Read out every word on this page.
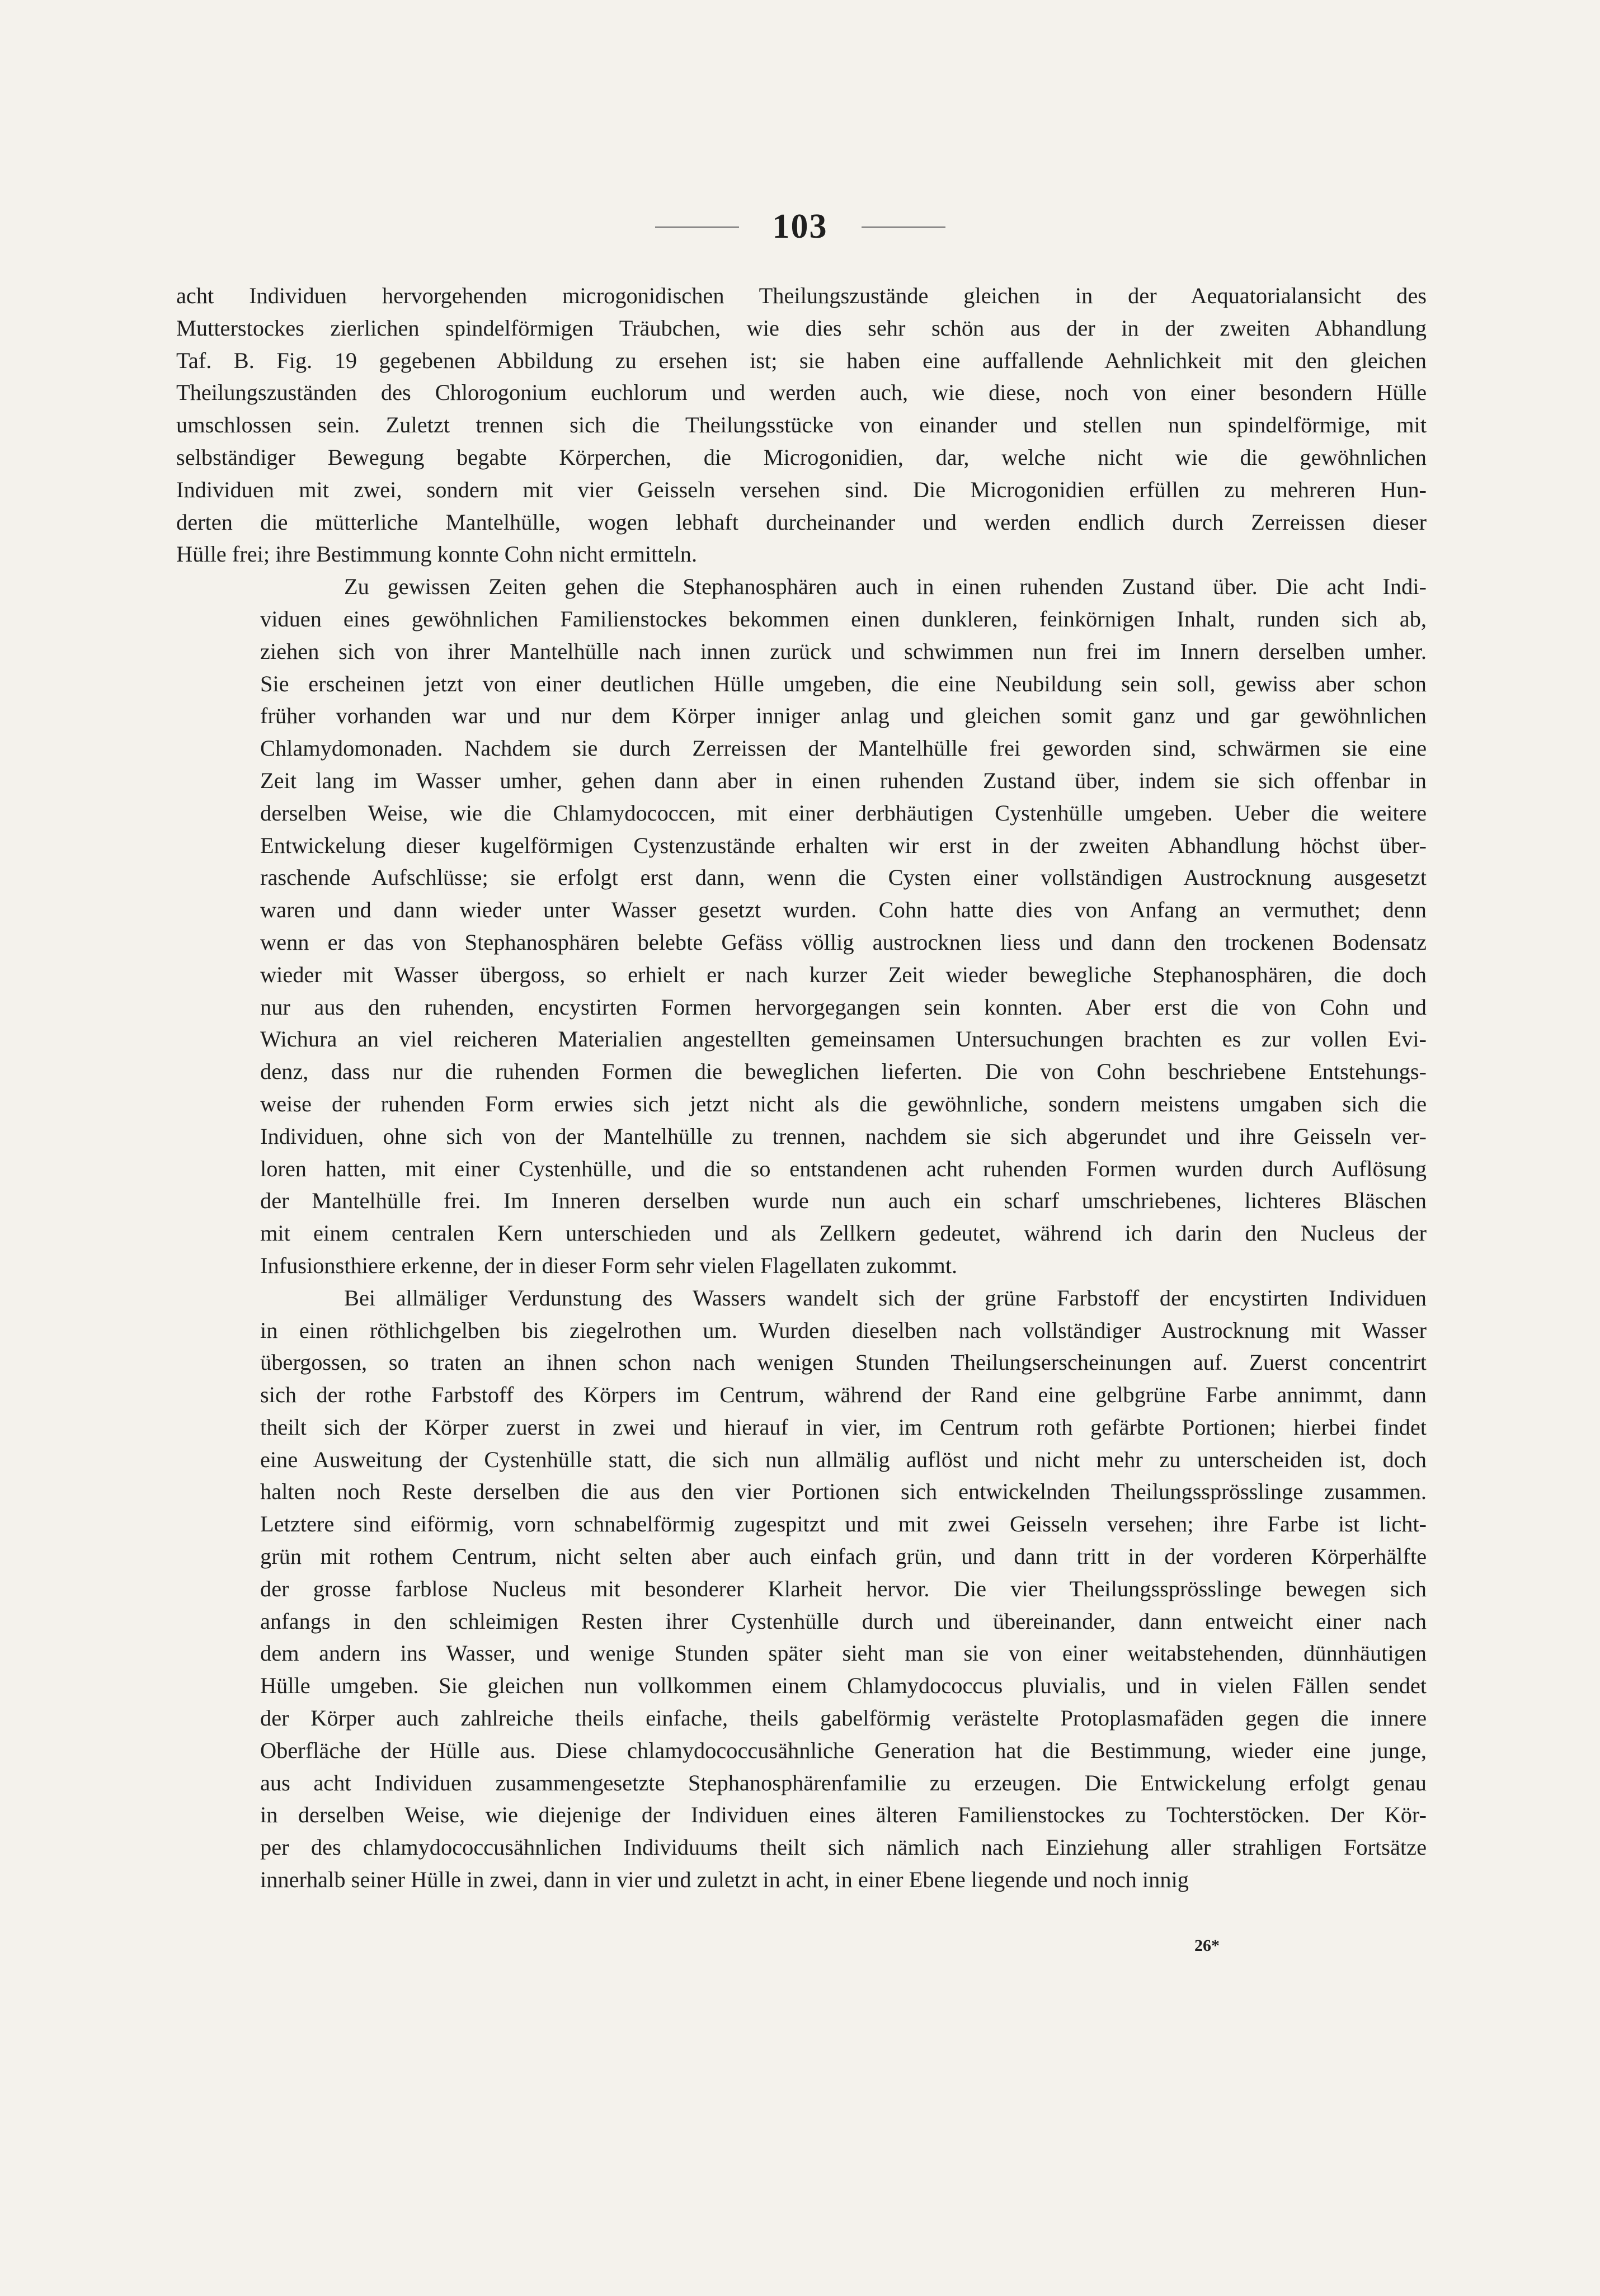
103

acht Individuen hervorgehenden microgonidischen Theilungszustände gleichen in der Aequatorialansicht des
Mutterstockes zierlichen spindelförmigen Träubchen, wie dies sehr schön aus der in der zweiten Abhandlung
Taf. B. Fig. 19 gegebenen Abbildung zu ersehen ist; sie haben eine auffallende Aehnlichkeit mit den gleichen
Theilungszuständen des Chlorogonium euchlorum und werden auch, wie diese, noch von einer besondern Hülle
umschlossen sein. Zuletzt trennen sich die Theilungsstücke von einander und stellen nun spindelförmige, mit
selbständiger Bewegung begabte Körperchen, die Microgonidien, dar, welche nicht wie die gewöhnlichen
Individuen mit zwei, sondern mit vier Geisseln versehen sind. Die Microgonidien erfüllen zu mehreren Hun-
derten die mütterliche Mantelhülle, wogen lebhaft durcheinander und werden endlich durch Zerreissen dieser
Hülle frei; ihre Bestimmung konnte Cohn nicht ermitteln.

Zu gewissen Zeiten gehen die Stephanosphären auch in einen ruhenden Zustand über. Die acht Indi-
viduen eines gewöhnlichen Familienstockes bekommen einen dunkleren, feinkörnigen Inhalt, runden sich ab,
ziehen sich von ihrer Mantelhülle nach innen zurück und schwimmen nun frei im Innern derselben umher.
Sie erscheinen jetzt von einer deutlichen Hülle umgeben, die eine Neubildung sein soll, gewiss aber schon
früher vorhanden war und nur dem Körper inniger anlag und gleichen somit ganz und gar gewöhnlichen
Chlamydomonaden. Nachdem sie durch Zerreissen der Mantelhülle frei geworden sind, schwärmen sie eine
Zeit lang im Wasser umher, gehen dann aber in einen ruhenden Zustand über, indem sie sich offenbar in
derselben Weise, wie die Chlamydococcen, mit einer derbhäutigen Cystenhülle umgeben. Ueber die weitere
Entwickelung dieser kugelförmigen Cystenzustände erhalten wir erst in der zweiten Abhandlung höchst über-
raschende Aufschlüsse; sie erfolgt erst dann, wenn die Cysten einer vollständigen Austrocknung ausgesetzt
waren und dann wieder unter Wasser gesetzt wurden. Cohn hatte dies von Anfang an vermuthet; denn
wenn er das von Stephanosphären belebte Gefäss völlig austrocknen liess und dann den trockenen Bodensatz
wieder mit Wasser übergoss, so erhielt er nach kurzer Zeit wieder bewegliche Stephanosphären, die doch
nur aus den ruhenden, encystirten Formen hervorgegangen sein konnten. Aber erst die von Cohn und
Wichura an viel reicheren Materialien angestellten gemeinsamen Untersuchungen brachten es zur vollen Evi-
denz, dass nur die ruhenden Formen die beweglichen lieferten. Die von Cohn beschriebene Entstehungs-
weise der ruhenden Form erwies sich jetzt nicht als die gewöhnliche, sondern meistens umgaben sich die
Individuen, ohne sich von der Mantelhülle zu trennen, nachdem sie sich abgerundet und ihre Geisseln ver-
loren hatten, mit einer Cystenhülle, und die so entstandenen acht ruhenden Formen wurden durch Auflösung
der Mantelhülle frei. Im Inneren derselben wurde nun auch ein scharf umschriebenes, lichteres Bläschen
mit einem centralen Kern unterschieden und als Zellkern gedeutet, während ich darin den Nucleus der
Infusionsthiere erkenne, der in dieser Form sehr vielen Flagellaten zukommt.

Bei allmäliger Verdunstung des Wassers wandelt sich der grüne Farbstoff der encystirten Individuen
in einen röthlichgelben bis ziegelrothen um. Wurden dieselben nach vollständiger Austrocknung mit Wasser
übergossen, so traten an ihnen schon nach wenigen Stunden Theilungserscheinungen auf. Zuerst concentrirt
sich der rothe Farbstoff des Körpers im Centrum, während der Rand eine gelbgrüne Farbe annimmt, dann
theilt sich der Körper zuerst in zwei und hierauf in vier, im Centrum roth gefärbte Portionen; hierbei findet
eine Ausweitung der Cystenhülle statt, die sich nun allmälig auflöst und nicht mehr zu unterscheiden ist, doch
halten noch Reste derselben die aus den vier Portionen sich entwickelnden Theilungssprösslinge zusammen.
Letztere sind eiförmig, vorn schnabelförmig zugespitzt und mit zwei Geisseln versehen; ihre Farbe ist licht-
grün mit rothem Centrum, nicht selten aber auch einfach grün, und dann tritt in der vorderen Körperhälfte
der grosse farblose Nucleus mit besonderer Klarheit hervor. Die vier Theilungssprösslinge bewegen sich
anfangs in den schleimigen Resten ihrer Cystenhülle durch und übereinander, dann entweicht einer nach
dem andern ins Wasser, und wenige Stunden später sieht man sie von einer weitabstehenden, dünnhäutigen
Hülle umgeben. Sie gleichen nun vollkommen einem Chlamydococcus pluvialis, und in vielen Fällen sendet
der Körper auch zahlreiche theils einfache, theils gabelförmig verästelte Protoplasmafäden gegen die innere
Oberfläche der Hülle aus. Diese chlamydococcusähnliche Generation hat die Bestimmung, wieder eine junge,
aus acht Individuen zusammengesetzte Stephanosphärenfamilie zu erzeugen. Die Entwickelung erfolgt genau
in derselben Weise, wie diejenige der Individuen eines älteren Familienstockes zu Tochterstöcken. Der Kör-
per des chlamydococcusähnlichen Individuums theilt sich nämlich nach Einziehung aller strahligen Fortsätze
innerhalb seiner Hülle in zwei, dann in vier und zuletzt in acht, in einer Ebene liegende und noch innig

26*
